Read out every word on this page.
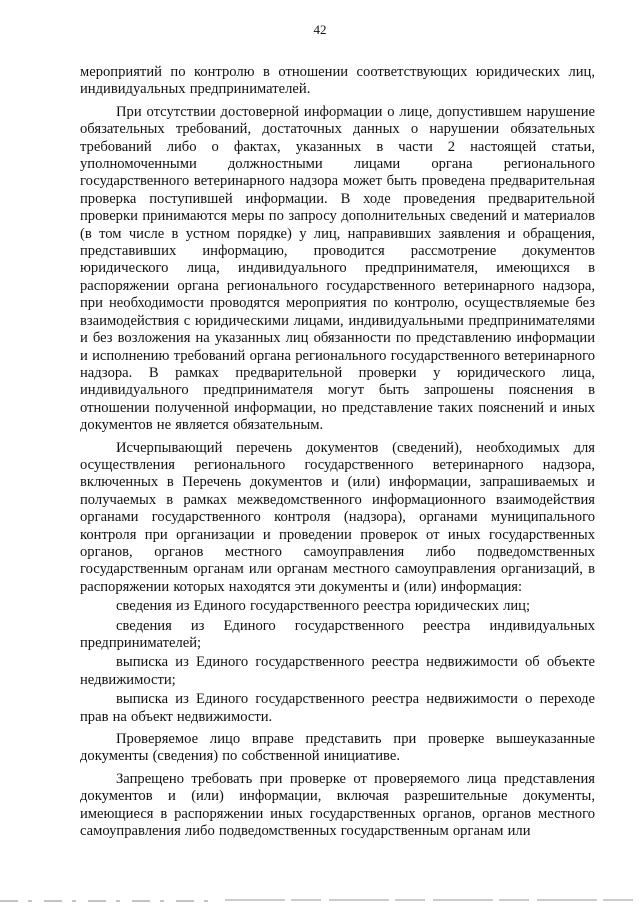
42

мероприятий по контролю в отношении соответствующих юридических лиц, индивидуальных предпринимателей.

При отсутствии достоверной информации о лице, допустившем нарушение обязательных требований, достаточных данных о нарушении обязательных требований либо о фактах, указанных в части 2 настоящей статьи, уполномоченными должностными лицами органа регионального государственного ветеринарного надзора может быть проведена предварительная проверка поступившей информации. В ходе проведения предварительной проверки принимаются меры по запросу дополнительных сведений и материалов (в том числе в устном порядке) у лиц, направивших заявления и обращения, представивших информацию, проводится рассмотрение документов юридического лица, индивидуального предпринимателя, имеющихся в распоряжении органа регионального государственного ветеринарного надзора, при необходимости проводятся мероприятия по контролю, осуществляемые без взаимодействия с юридическими лицами, индивидуальными предпринимателями и без возложения на указанных лиц обязанности по представлению информации и исполнению требований органа регионального государственного ветеринарного надзора. В рамках предварительной проверки у юридического лица, индивидуального предпринимателя могут быть запрошены пояснения в отношении полученной информации, но представление таких пояснений и иных документов не является обязательным.

Исчерпывающий перечень документов (сведений), необходимых для осуществления регионального государственного ветеринарного надзора, включенных в Перечень документов и (или) информации, запрашиваемых и получаемых в рамках межведомственного информационного взаимодействия органами государственного контроля (надзора), органами муниципального контроля при организации и проведении проверок от иных государственных органов, органов местного самоуправления либо подведомственных государственным органам или органам местного самоуправления организаций, в распоряжении которых находятся эти документы и (или) информация:

сведения из Единого государственного реестра юридических лиц;

сведения из Единого государственного реестра индивидуальных предпринимателей;

выписка из Единого государственного реестра недвижимости об объекте недвижимости;

выписка из Единого государственного реестра недвижимости о переходе прав на объект недвижимости.

Проверяемое лицо вправе представить при проверке вышеуказанные документы (сведения) по собственной инициативе.

Запрещено требовать при проверке от проверяемого лица представления документов и (или) информации, включая разрешительные документы, имеющиеся в распоряжении иных государственных органов, органов местного самоуправления либо подведомственных государственным органам или
